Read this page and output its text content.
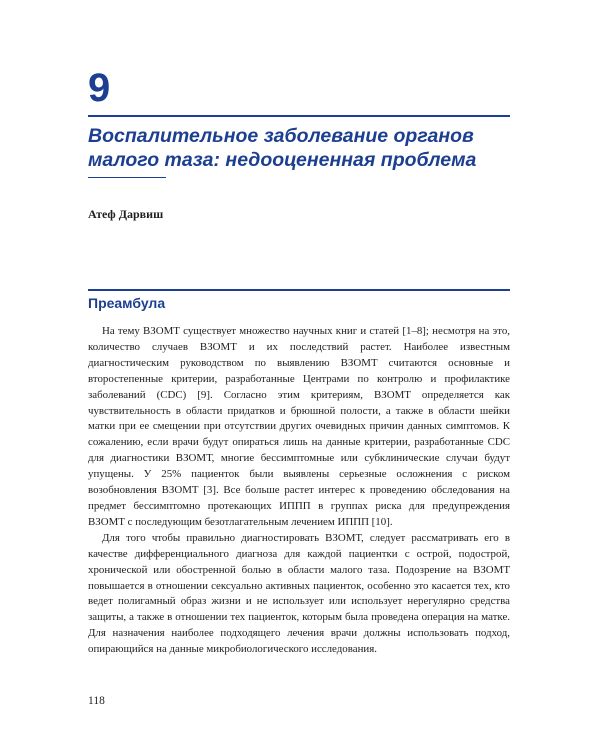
9
Воспалительное заболевание органов
малого таза: недооцененная проблема
Атеф Дарвиш
Преамбула

На тему ВЗОМТ существует множество научных книг и статей [1–8]; несмотря на это, количество случаев ВЗОМТ и их последствий растет. Наиболее известным диагностическим руководством по выявлению ВЗОМТ считаются основные и второстепенные критерии, разработанные Центрами по контролю и профилактике заболеваний (CDC) [9]. Согласно этим критериям, ВЗОМТ определяется как чувствительность в области придатков и брюшной полости, а также в области шейки матки при ее смещении при отсутствии других очевидных причин данных симптомов. К сожалению, если врачи будут опираться лишь на данные критерии, разработанные CDC для диагностики ВЗОМТ, многие бессимптомные или субклинические случаи будут упущены. У 25% пациенток были выявлены серьезные осложнения с риском возобновления ВЗОМТ [3]. Все больше растет интерес к проведению обследования на предмет бессимптомно протекающих ИППП в группах риска для предупреждения ВЗОМТ с последующим безотлагательным лечением ИППП [10].

Для того чтобы правильно диагностировать ВЗОМТ, следует рассматривать его в качестве дифференциального диагноза для каждой пациентки с острой, подострой, хронической или обостренной болью в области малого таза. Подозрение на ВЗОМТ повышается в отношении сексуально активных пациенток, особенно это касается тех, кто ведет полигамный образ жизни и не использует или использует нерегулярно средства защиты, а также в отношении тех пациенток, которым была проведена операция на матке. Для назначения наиболее подходящего лечения врачи должны использовать подход, опирающийся на данные микробиологического исследования.

118
